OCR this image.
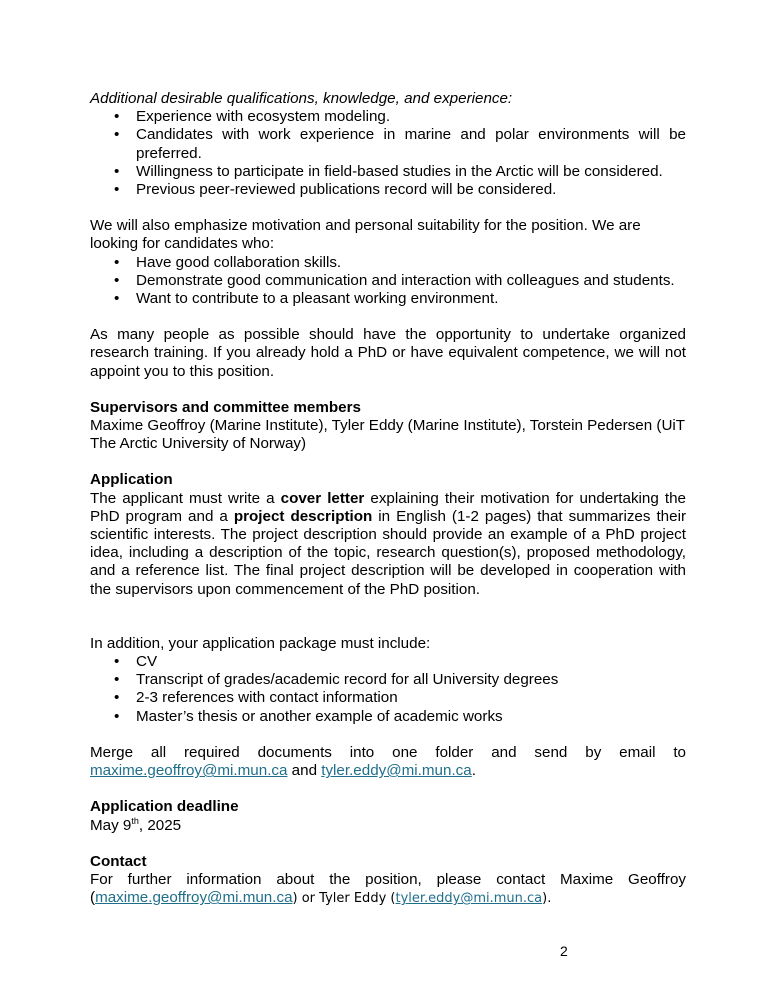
Additional desirable qualifications, knowledge, and experience:

• Experience with ecosystem modeling.
• Candidates with work experience in marine and polar environments will be preferred.
• Willingness to participate in field-based studies in the Arctic will be considered.
• Previous peer-reviewed publications record will be considered.

We will also emphasize motivation and personal suitability for the position. We are looking for candidates who:

• Have good collaboration skills.
• Demonstrate good communication and interaction with colleagues and students.
• Want to contribute to a pleasant working environment.

As many people as possible should have the opportunity to undertake organized research training. If you already hold a PhD or have equivalent competence, we will not appoint you to this position.

Supervisors and committee members

Maxime Geoffroy (Marine Institute), Tyler Eddy (Marine Institute), Torstein Pedersen (UiT The Arctic University of Norway)

Application

The applicant must write a cover letter explaining their motivation for undertaking the PhD program and a project description in English (1-2 pages) that summarizes their scientific interests. The project description should provide an example of a PhD project idea, including a description of the topic, research question(s), proposed methodology, and a reference list. The final project description will be developed in cooperation with the supervisors upon commencement of the PhD position.

In addition, your application package must include:

• CV
• Transcript of grades/academic record for all University degrees
• 2-3 references with contact information
• Master’s thesis or another example of academic works

Merge all required documents into one folder and send by email to

maxime.geoffroy@mi.mun.ca and tyler.eddy@mi.mun.ca.

Application deadline

May 9th, 2025

Contact

For further information about the position, please contact Maxime Geoffroy

(maxime.geoffroy@mi.mun.ca) or Tyler Eddy (tyler.eddy@mi.mun.ca).

2
